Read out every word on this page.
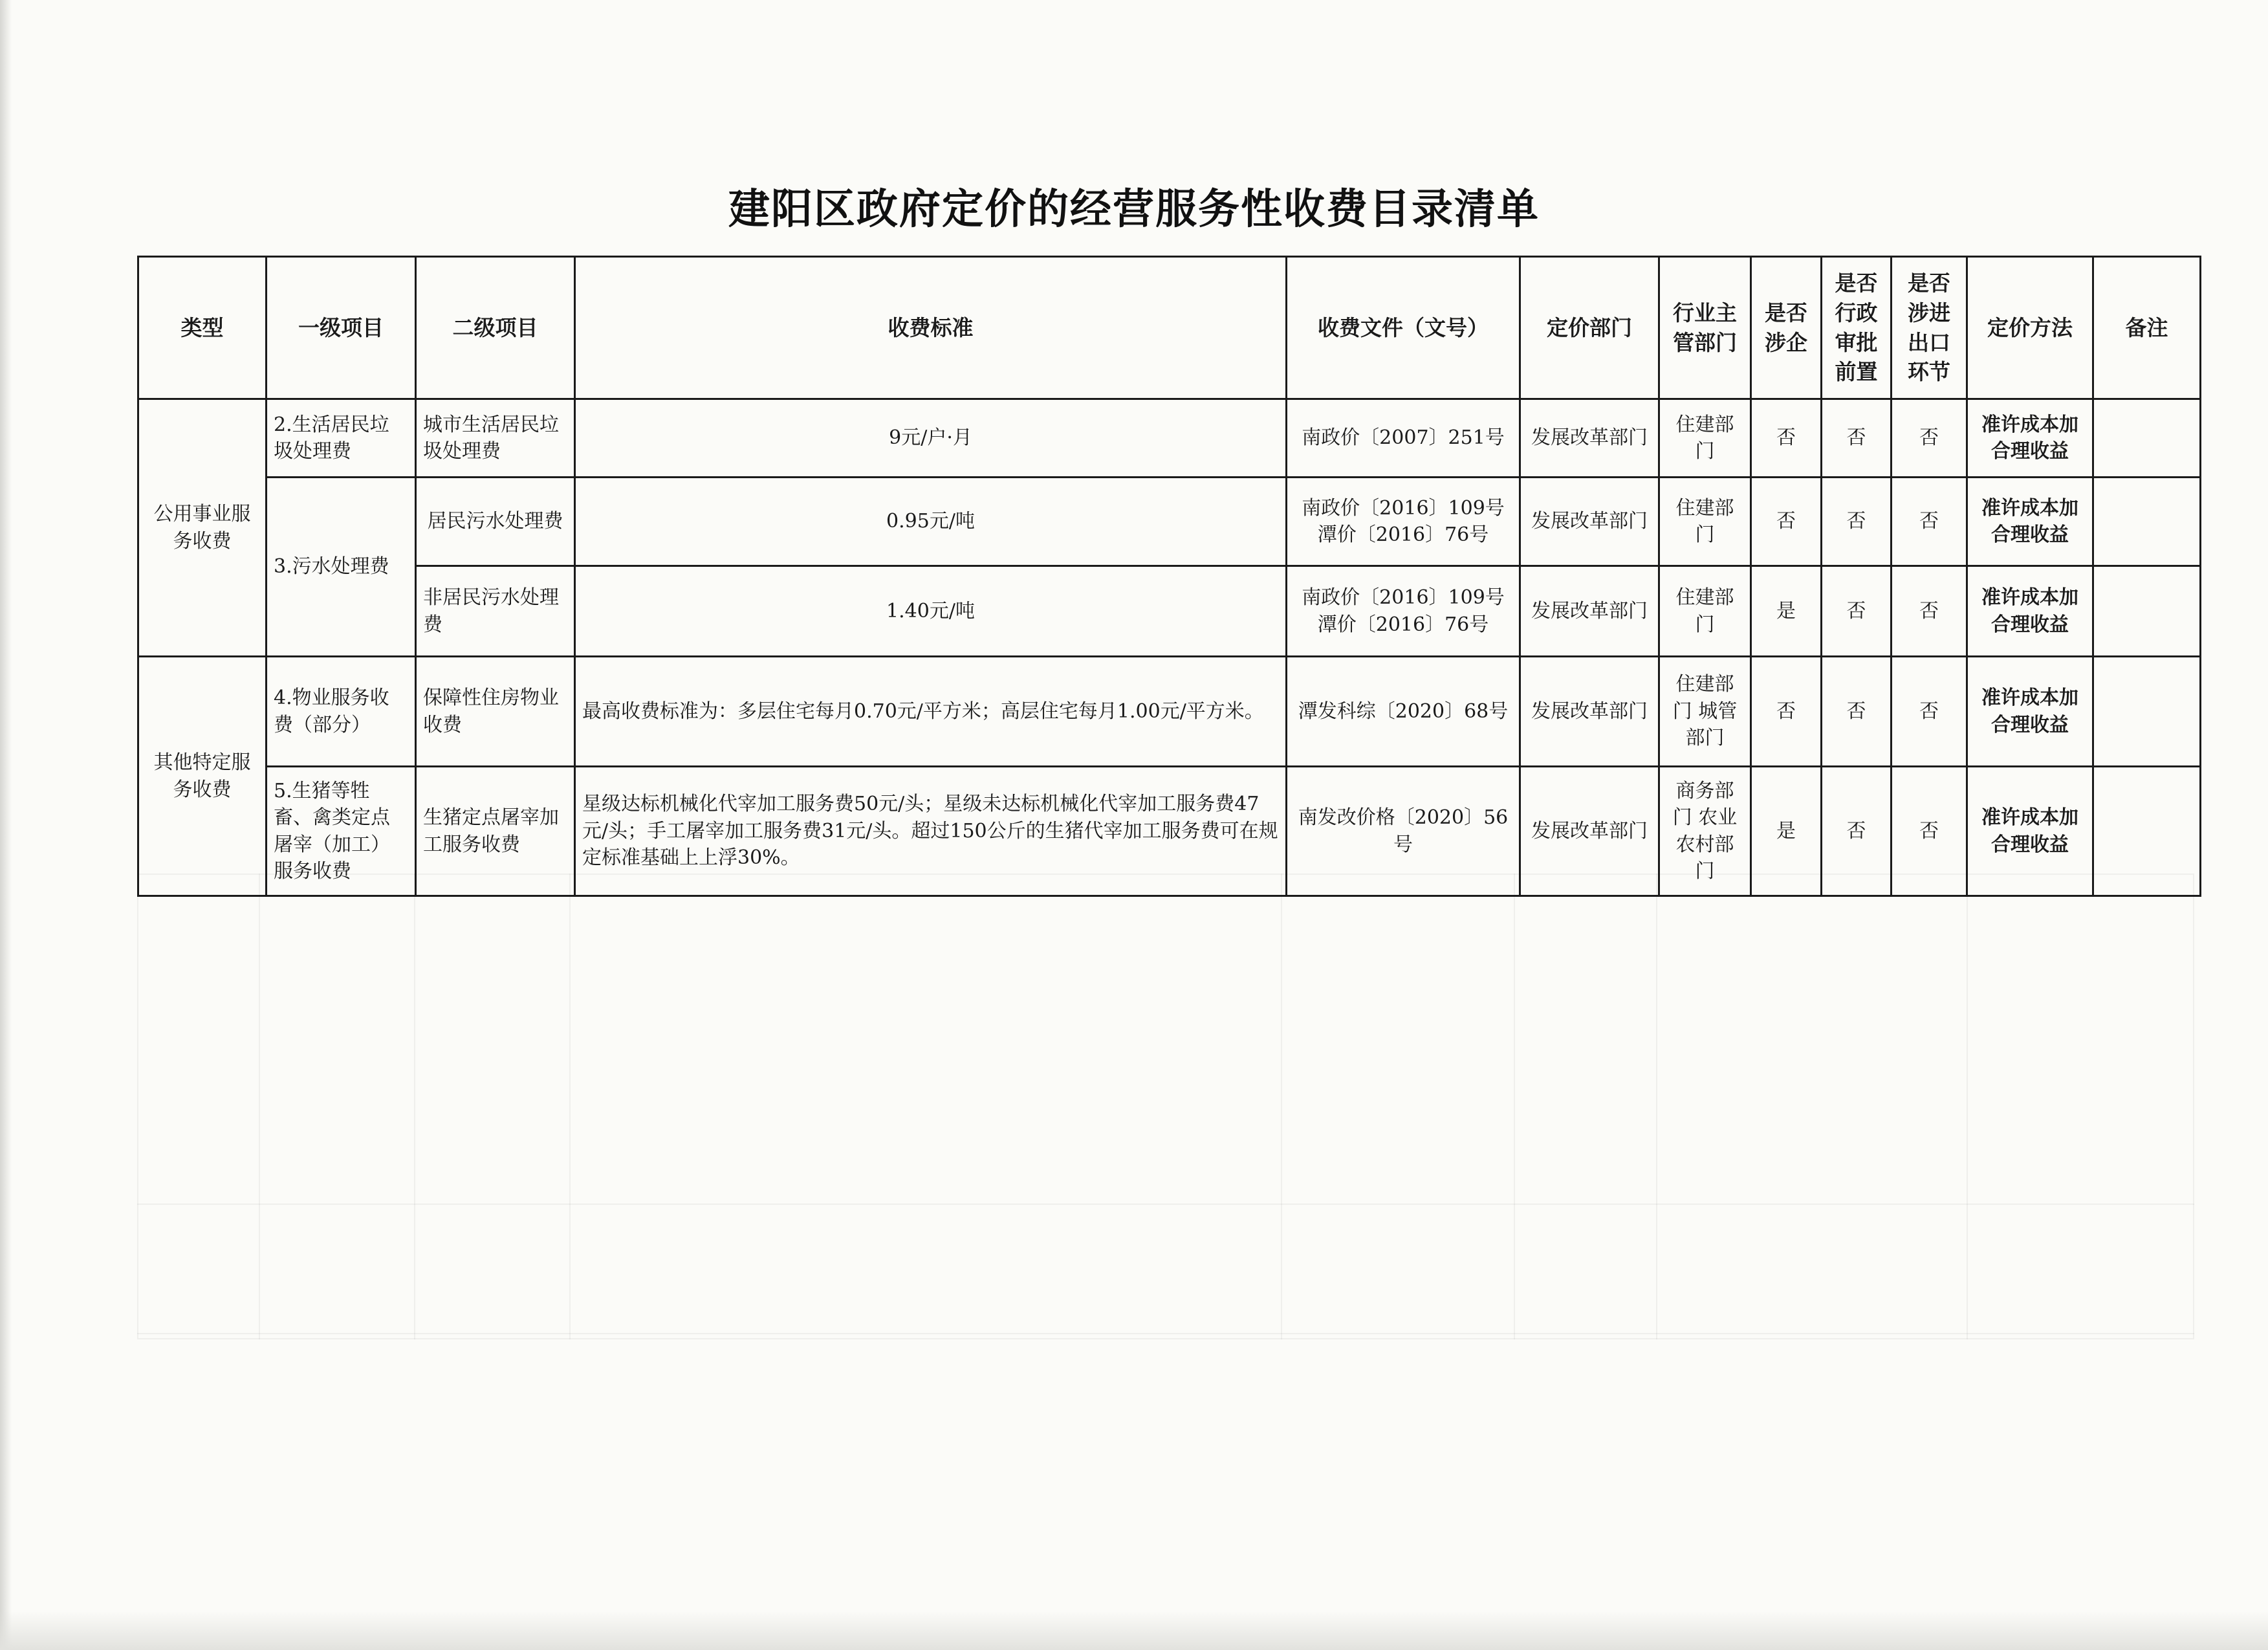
建阳区政府定价的经营服务性收费目录清单
类型	一级项目	二级项目	收费标准	收费文件（文号）	定价部门	行业主管部门	是否涉企	是否行政审批前置	是否涉进出口环节	定价方法	备注
公用事业服务收费	2.生活居民垃圾处理费	城市生活居民垃圾处理费	9元/户·月	南政价〔2007〕251号	发展改革部门	住建部门	否	否	否	准许成本加合理收益	
	3.污水处理费	居民污水处理费	0.95元/吨	南政价〔2016〕109号 潭价〔2016〕76号	发展改革部门	住建部门	否	否	否	准许成本加合理收益	
		非居民污水处理费	1.40元/吨	南政价〔2016〕109号 潭价〔2016〕76号	发展改革部门	住建部门	是	否	否	准许成本加合理收益	
其他特定服务收费	4.物业服务收费（部分）	保障性住房物业收费	最高收费标准为：多层住宅每月0.70元/平方米；高层住宅每月1.00元/平方米。	潭发科综〔2020〕68号	发展改革部门	住建部门 城管部门	否	否	否	准许成本加合理收益	
	5.生猪等牲畜、禽类定点屠宰（加工）服务收费	生猪定点屠宰加工服务收费	星级达标机械化代宰加工服务费50元/头；星级未达标机械化代宰加工服务费47元/头；手工屠宰加工服务费31元/头。超过150公斤的生猪代宰加工服务费可在规定标准基础上上浮30%。	南发改价格〔2020〕56号	发展改革部门	商务部门 农业农村部门	是	否	否	准许成本加合理收益	
